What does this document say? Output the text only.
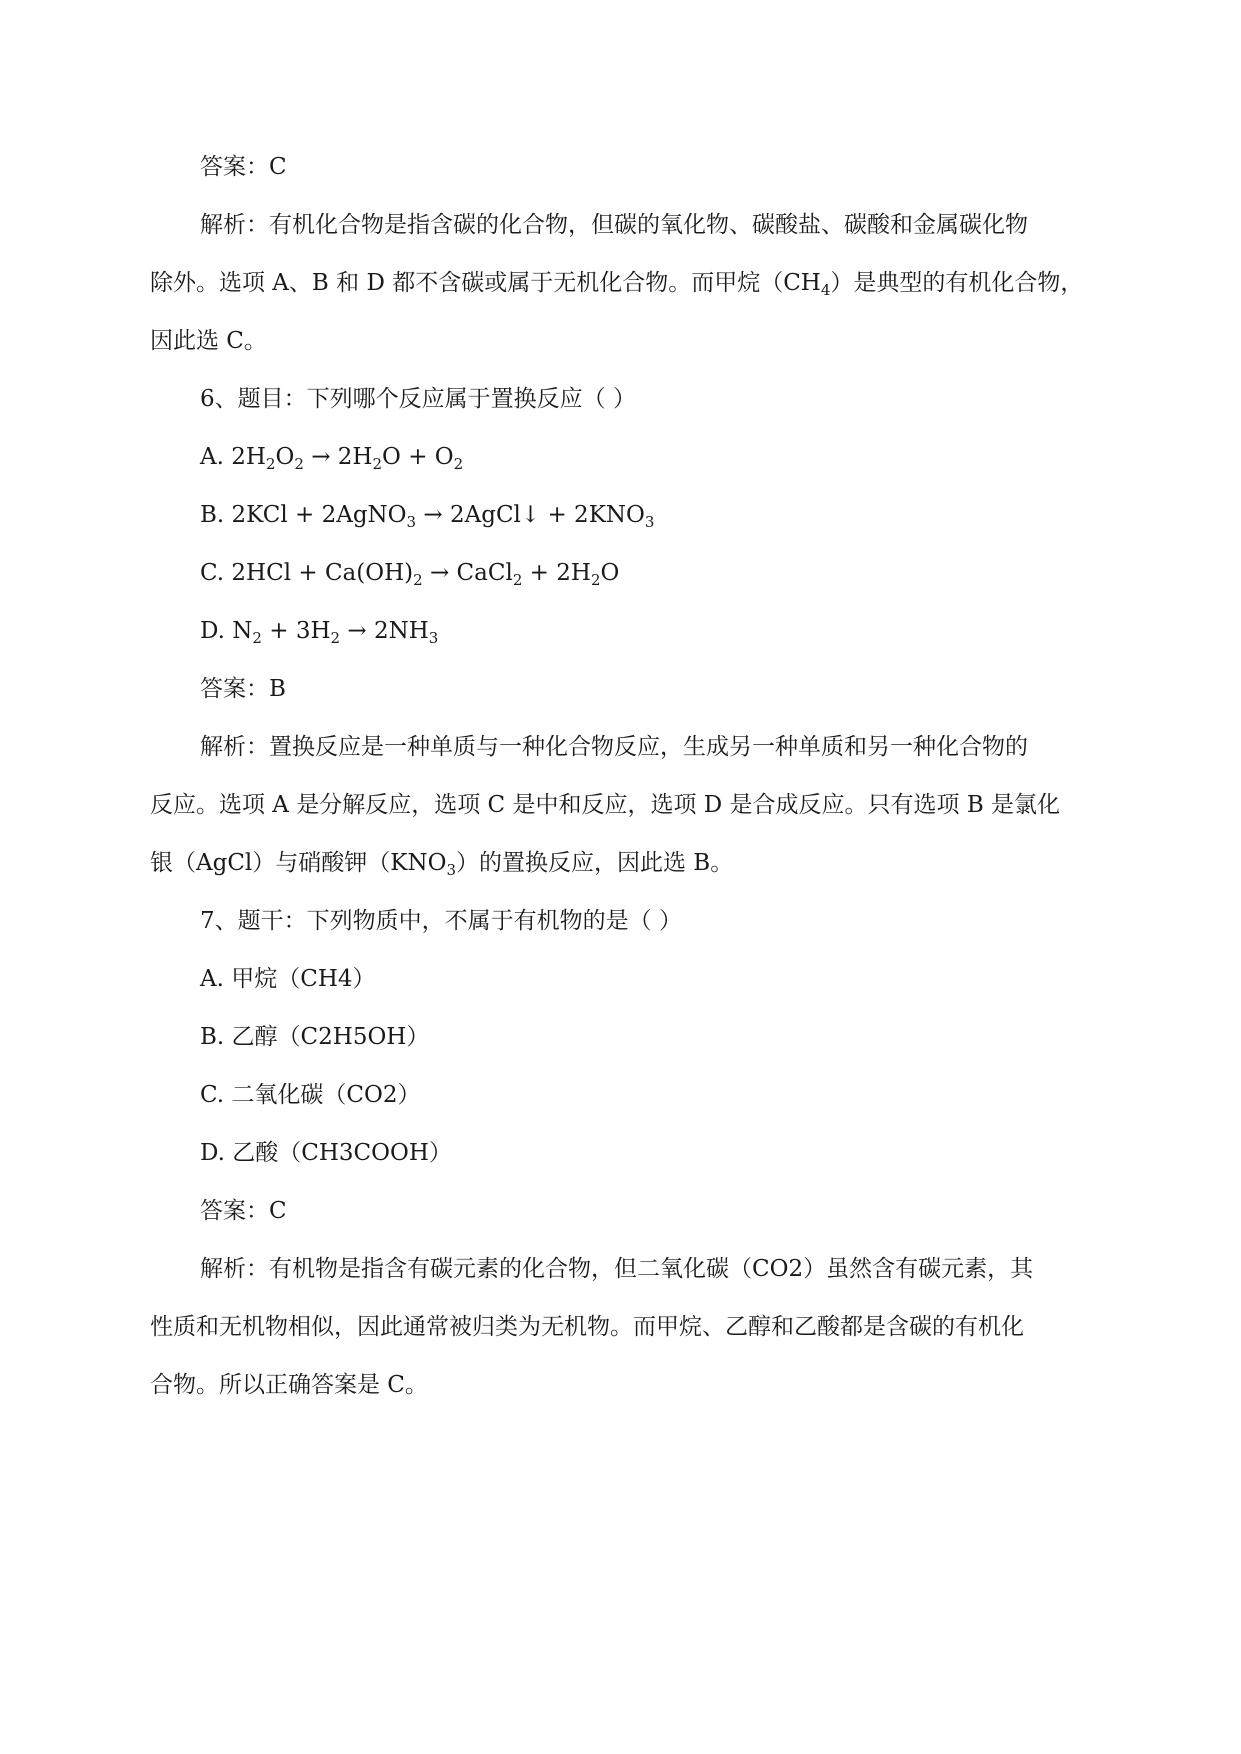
答案：C
解析：有机化合物是指含碳的化合物，但碳的氧化物、碳酸盐、碳酸和金属碳化物
除外。选项 A、B 和 D 都不含碳或属于无机化合物。而甲烷$(CH_4)$是典型的有机化合物，
因此选 C。
6、题目：下列哪个反应属于置换反应（ ）
A. $2H_2O_2 \to 2H_2O + O_2$
B. 2KCl + 2AgNO$_3$ → 2AgCl↓ + $2KNO_3$
C. $2HCl + Ca(OH)_2$ → CaCl$_2$ + $2H_2O$
D. $N_2 + 3H_2 \to 2NH_3$
答案：B
解析：置换反应是一种单质与一种化合物反应，生成另一种单质和另一种化合物的
反应。选项 A 是分解反应，选项 C 是中和反应，选项 D 是合成反应。只有选项 B 是氯化
银（AgCl）与硝酸钾$(KNO_3)$的置换反应，因此选 B。
7、题干：下列物质中，不属于有机物的是（ ）
A. 甲烷（CH4）
B. 乙醇（C2H5OH）
C. 二氧化碳（CO2）
D. 乙酸（CH3COOH）
答案：C
解析：有机物是指含有碳元素的化合物，但二氧化碳（CO2）虽然含有碳元素，其
性质和无机物相似，因此通常被归类为无机物。而甲烷、乙醇和乙酸都是含碳的有机化
合物。所以正确答案是 C。
